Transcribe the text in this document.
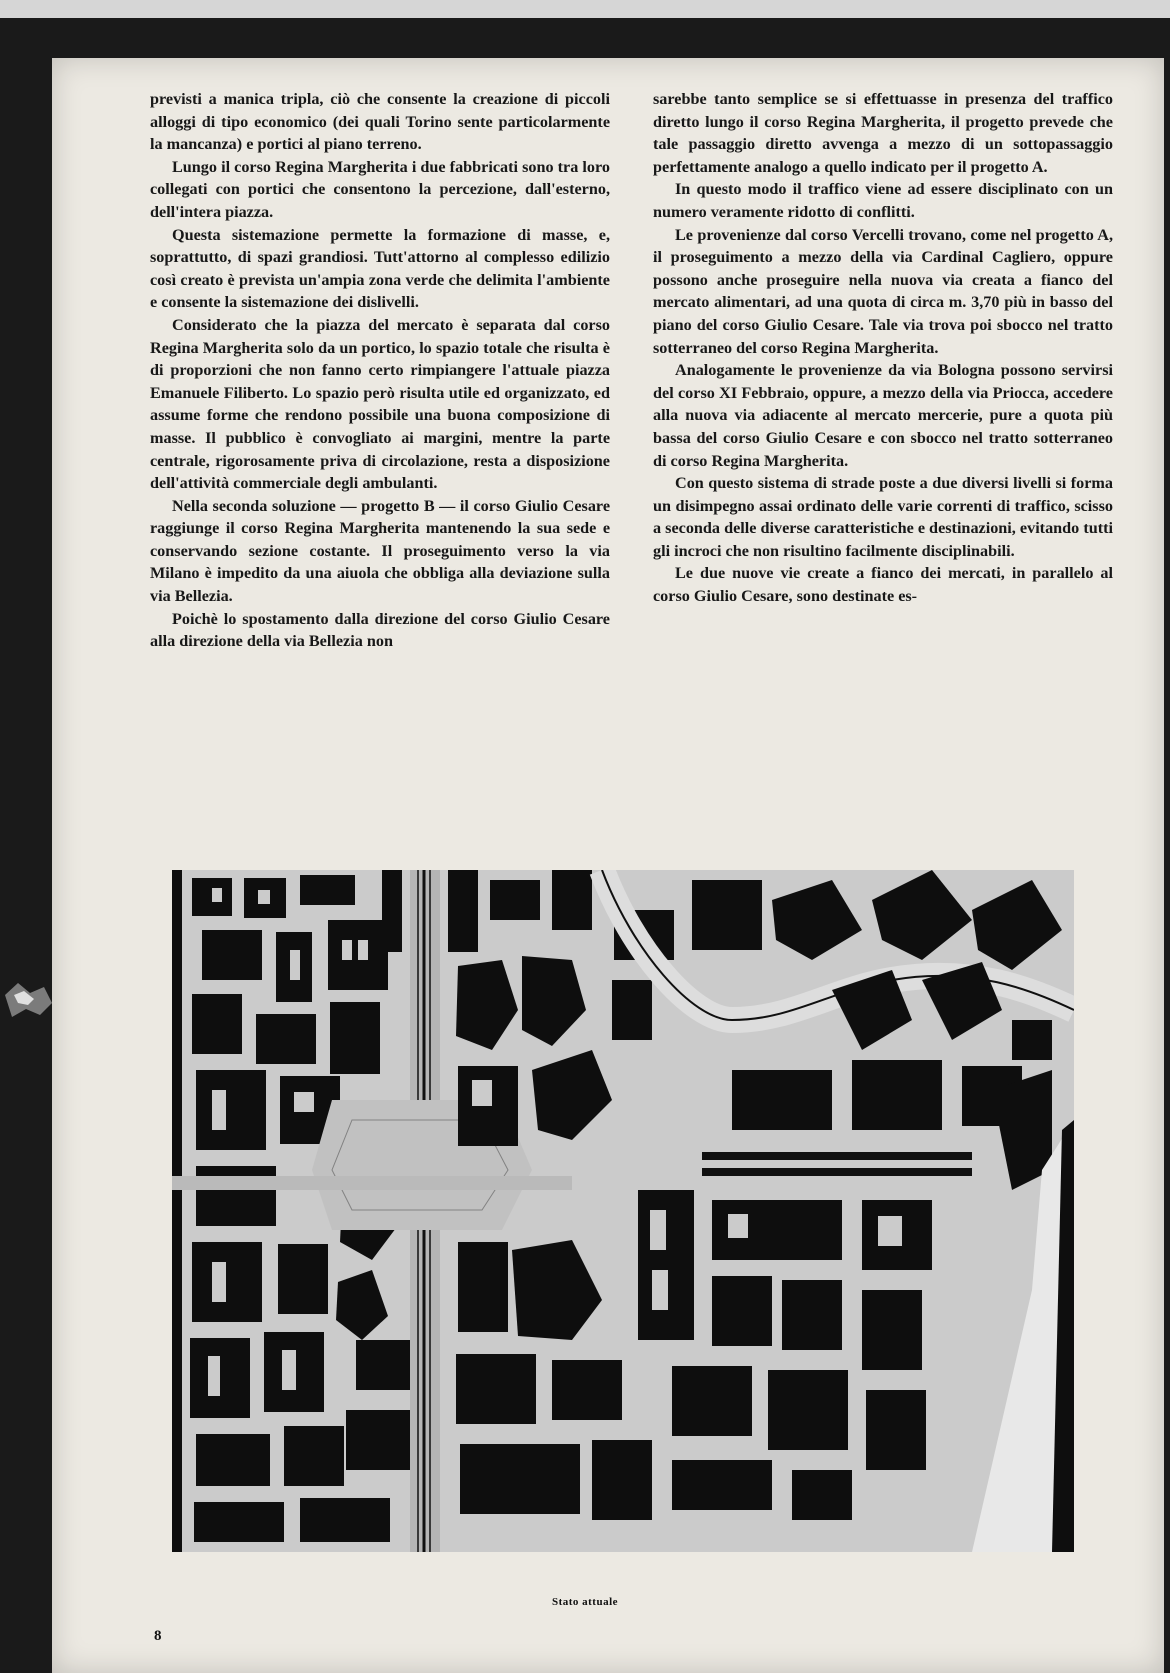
previsti a manica tripla, ciò che consente la creazione di piccoli alloggi di tipo economico (dei quali Torino sente particolarmente la mancanza) e portici al piano terreno.

Lungo il corso Regina Margherita i due fabbricati sono tra loro collegati con portici che consentono la percezione, dall'esterno, dell'intera piazza.

Questa sistemazione permette la formazione di masse, e, soprattutto, di spazi grandiosi. Tutt'attorno al complesso edilizio così creato è prevista un'ampia zona verde che delimita l'ambiente e consente la sistemazione dei dislivelli.

Considerato che la piazza del mercato è separata dal corso Regina Margherita solo da un portico, lo spazio totale che risulta è di proporzioni che non fanno certo rimpiangere l'attuale piazza Emanuele Filiberto. Lo spazio però risulta utile ed organizzato, ed assume forme che rendono possibile una buona composizione di masse. Il pubblico è convogliato ai margini, mentre la parte centrale, rigorosamente priva di circolazione, resta a disposizione dell'attività commerciale degli ambulanti.

Nella seconda soluzione — progetto B — il corso Giulio Cesare raggiunge il corso Regina Margherita mantenendo la sua sede e conservando sezione costante. Il proseguimento verso la via Milano è impedito da una aiuola che obbliga alla deviazione sulla via Bellezia.

Poichè lo spostamento dalla direzione del corso Giulio Cesare alla direzione della via Bellezia non

sarebbe tanto semplice se si effettuasse in presenza del traffico diretto lungo il corso Regina Margherita, il progetto prevede che tale passaggio diretto avvenga a mezzo di un sottopassaggio perfettamente analogo a quello indicato per il progetto A.

In questo modo il traffico viene ad essere disciplinato con un numero veramente ridotto di conflitti.

Le provenienze dal corso Vercelli trovano, come nel progetto A, il proseguimento a mezzo della via Cardinal Cagliero, oppure possono anche proseguire nella nuova via creata a fianco del mercato alimentari, ad una quota di circa m. 3,70 più in basso del piano del corso Giulio Cesare. Tale via trova poi sbocco nel tratto sotterraneo del corso Regina Margherita.

Analogamente le provenienze da via Bologna possono servirsi del corso XI Febbraio, oppure, a mezzo della via Priocca, accedere alla nuova via adiacente al mercato mercerie, pure a quota più bassa del corso Giulio Cesare e con sbocco nel tratto sotterraneo di corso Regina Margherita.

Con questo sistema di strade poste a due diversi livelli si forma un disimpegno assai ordinato delle varie correnti di traffico, scisso a seconda delle diverse caratteristiche e destinazioni, evitando tutti gli incroci che non risultino facilmente disciplinabili.

Le due nuove vie create a fianco dei mercati, in parallelo al corso Giulio Cesare, sono destinate es-

Stato attuale
8
